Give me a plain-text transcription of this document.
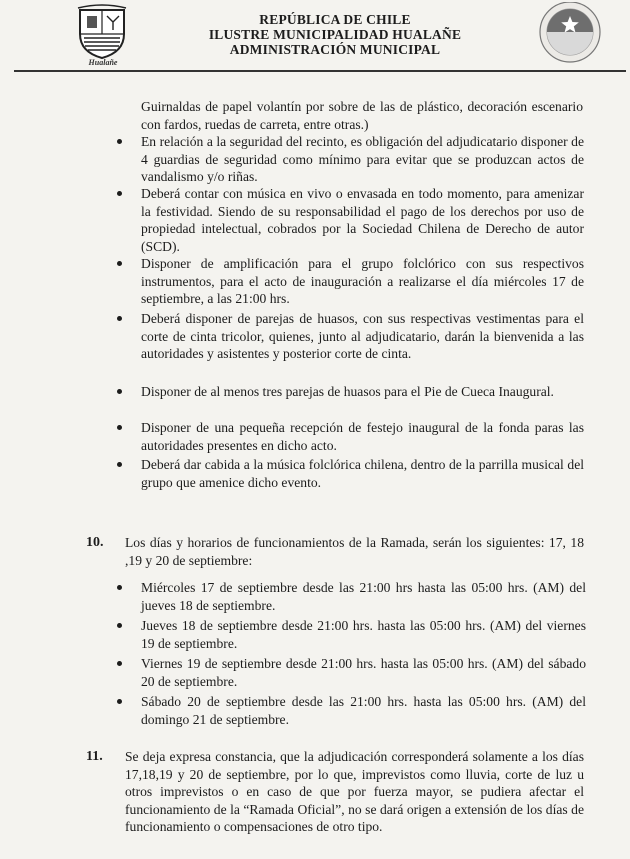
Hualañe
REPÚBLICA DE CHILE
ILUSTRE MUNICIPALIDAD HUALAÑE
ADMINISTRACIÓN MUNICIPAL
Guirnaldas de papel volantín por sobre de las de plástico, decoración escenario con fardos, ruedas de carreta, entre otras.)
En relación a la seguridad del recinto, es obligación del adjudicatario disponer de 4 guardias de seguridad como mínimo para evitar que se produzcan actos de vandalismo y/o riñas.
Deberá contar con música en vivo o envasada en todo momento, para amenizar la festividad. Siendo de su responsabilidad el pago de los derechos por uso de propiedad intelectual, cobrados por la Sociedad Chilena de Derecho de autor (SCD).
Disponer de amplificación para el grupo folclórico con sus respectivos instrumentos, para el acto de inauguración a realizarse el día miércoles 17 de septiembre, a las 21:00 hrs.
Deberá disponer de parejas de huasos, con sus respectivas vestimentas para el corte de cinta tricolor, quienes, junto al adjudicatario, darán la bienvenida a las autoridades y asistentes y posterior corte de cinta.
Disponer de al menos tres parejas de huasos para el Pie de Cueca Inaugural.
Disponer de una pequeña recepción de festejo inaugural de la fonda paras las autoridades presentes en dicho acto.
Deberá dar cabida a la música folclórica chilena, dentro de la parrilla musical del grupo que amenice dicho evento.
10. Los días y horarios de funcionamientos de la Ramada, serán los siguientes: 17, 18 ,19 y 20 de septiembre:
Miércoles 17 de septiembre desde las 21:00 hrs hasta las 05:00 hrs. (AM) del jueves 18 de septiembre.
Jueves 18 de septiembre desde 21:00 hrs. hasta las 05:00 hrs. (AM) del viernes 19 de septiembre.
Viernes 19 de septiembre desde 21:00 hrs. hasta las 05:00 hrs. (AM) del sábado 20 de septiembre.
Sábado 20 de septiembre desde las 21:00 hrs. hasta las 05:00 hrs. (AM) del domingo 21 de septiembre.
11. Se deja expresa constancia, que la adjudicación corresponderá solamente a los días 17,18,19 y 20 de septiembre, por lo que, imprevistos como lluvia, corte de luz u otros imprevistos o en caso de que por fuerza mayor, se pudiera afectar el funcionamiento de la “Ramada Oficial”, no se dará origen a extensión de los días de funcionamiento o compensaciones de otro tipo.
